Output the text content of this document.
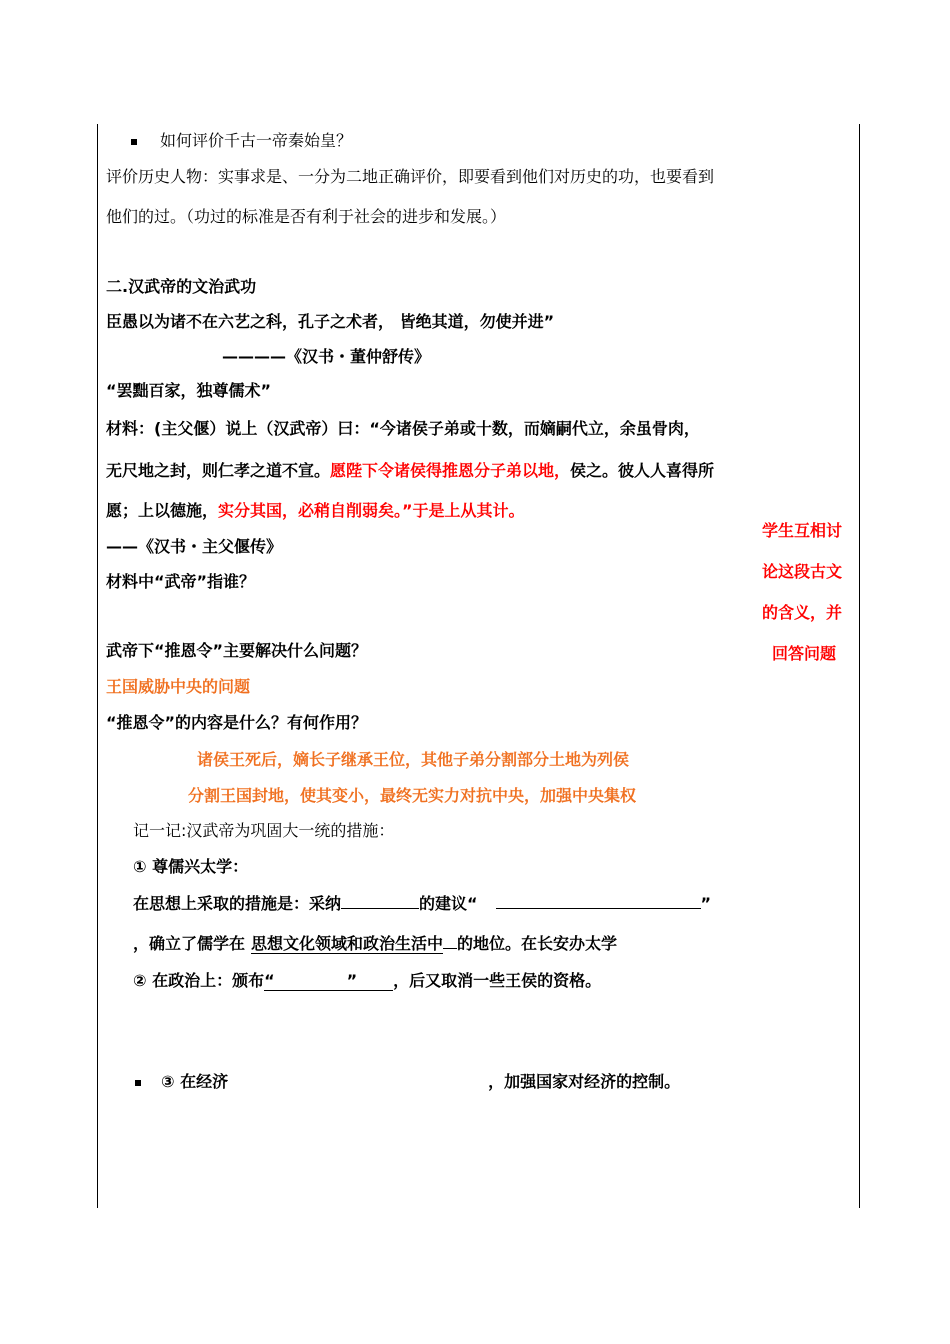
如何评价千古一帝秦始皇？
评价历史人物：实事求是、一分为二地正确评价，即要看到他们对历史的功，也要看到
他们的过。（功过的标准是否有利于社会的进步和发展。）
二.汉武帝的文治武功
臣愚以为诸不在六艺之科，孔子之术者， 皆绝其道，勿使并进”
————《汉书・董仲舒传》
“罢黜百家，独尊儒术”
材料：(主父偃）说上（汉武帝）曰：“今诸侯子弟或十数，而嫡嗣代立，余虽骨肉，
无尺地之封，则仁孝之道不宣。愿陛下令诸侯得推恩分子弟以地，侯之。彼人人喜得所
愿；上以德施，实分其国，必稍自削弱矣。”于是上从其计。
——《汉书・主父偃传》
学生互相讨
论这段古文
的含义，并
回答问题
材料中“武帝”指谁？
武帝下“推恩令”主要解决什么问题？
王国威胁中央的问题
“推恩令”的内容是什么？有何作用？
诸侯王死后，嫡长子继承王位，其他子弟分割部分土地为列侯
分割王国封地，使其变小，最终无实力对抗中央，加强中央集权
记一记:汉武帝为巩固大一统的措施：
① 尊儒兴太学：
在思想上采取的措施是：采纳	的建议“	”
，确立了儒学在 思想文化领域和政治生活中 的地位。在长安办太学
② 在政治上：颁布“	” ，后又取消一些王侯的资格。
③ 在经济	，加强国家对经济的控制。
